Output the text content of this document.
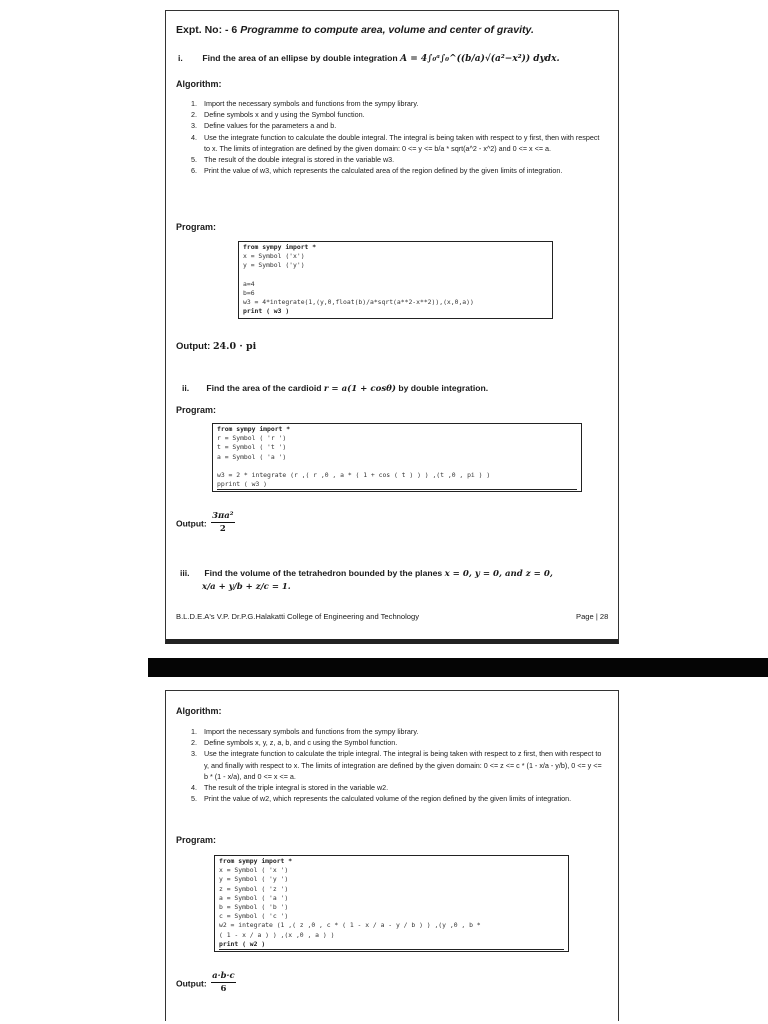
Expt. No: - 6 Programme to compute area, volume and center of gravity.
i. Find the area of an ellipse by double integration A = 4∫₀ᵃ∫₀^((b/a)√(a²−x²)) dydx.
Algorithm:
1. Import the necessary symbols and functions from the sympy library.
2. Define symbols x and y using the Symbol function.
3. Define values for the parameters a and b.
4. Use the integrate function to calculate the double integral. The integral is being taken with respect to y first, then with respect to x. The limits of integration are defined by the given domain: 0 <= y <= b/a * sqrt(a^2 - x^2) and 0 <= x <= a.
5. The result of the double integral is stored in the variable w3.
6. Print the value of w3, which represents the calculated area of the region defined by the given limits of integration.
Program:
from sympy import *
x = Symbol ('x')
y = Symbol ('y')

a=4
b=6
w3 = 4*integrate(1,(y,0,float(b)/a*sqrt(a**2-x**2)),(x,0,a))
print ( w3 )
Output: 24.0 · pi
ii. Find the area of the cardioid r = a(1 + cosθ) by double integration.
Program:
from sympy import *
r = Symbol ( 'r ')
t = Symbol ( 't ')
a = Symbol ( 'a ')

w3 = 2 * integrate (r ,( r ,0 , a * ( 1 + cos ( t ) ) ) ,(t ,0 , pi ) )

pprint ( w3 )
Output: $\frac{\text{3πa²}}{2}$
iii. Find the volume of the tetrahedron bounded by the planes x = 0, y = 0, and z = 0,
x/a + y/b + z/c = 1.
B.L.D.E.A's V.P. Dr.P.G.Halakatti College of Engineering and Technology	Page | 28
Algorithm:
1. Import the necessary symbols and functions from the sympy library.
2. Define symbols x, y, z, a, b, and c using the Symbol function.
3. Use the integrate function to calculate the triple integral. The integral is being taken with respect to z first, then with respect to y, and finally with respect to x. The limits of integration are defined by the given domain: 0 <= z <= c * (1 - x/a - y/b), 0 <= y <= b * (1 - x/a), and 0 <= x <= a.
4. The result of the triple integral is stored in the variable w2.
5. Print the value of w2, which represents the calculated volume of the region defined by the given limits of integration.
Program:
from sympy import *
x = Symbol ( 'x ')
y = Symbol ( 'y ')
z = Symbol ( 'z ')
a = Symbol ( 'a ')
b = Symbol ( 'b ')
c = Symbol ( 'c ')
w2 = integrate (1 ,( z ,0 , c * ( 1 - x / a - y / b ) ) ,(y ,0 , b *
( 1 - x / a ) ) ,(x ,0 , a ) )

print ( w2 )
Output: $\frac{a\cdot b\cdot c}{6}$
